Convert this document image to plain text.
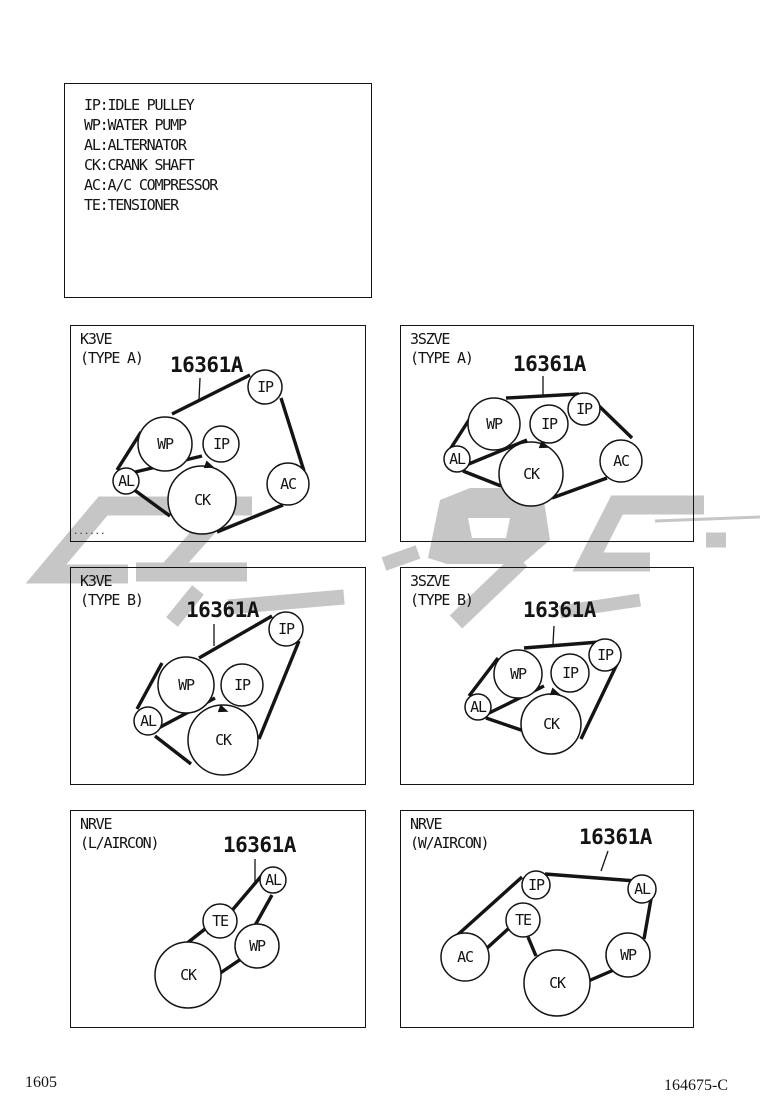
IP:IDLE PULLEY
WP:WATER PUMP
AL:ALTERNATOR
CK:CRANK SHAFT
AC:A/C COMPRESSOR
TE:TENSIONER
IP
WP	IP
AL
CK
AC
K3VE
(TYPE A) 16361A
WP	IP
IP
AL
CK
AC
3SZVE
(TYPE A) 16361A
IP
WP	IP
AL
CK
K3VE
(TYPE B) 16361A
WP IP
IP
AL
CK
3SZVE
(TYPE B) 16361A
AL
TE
WP
CK
NRVE
(L/AIRCON)	16361A
IP	AL
TE
AC	WP
CK
NRVE
(W/AIRCON)	16361A
......
1605	164675-C
